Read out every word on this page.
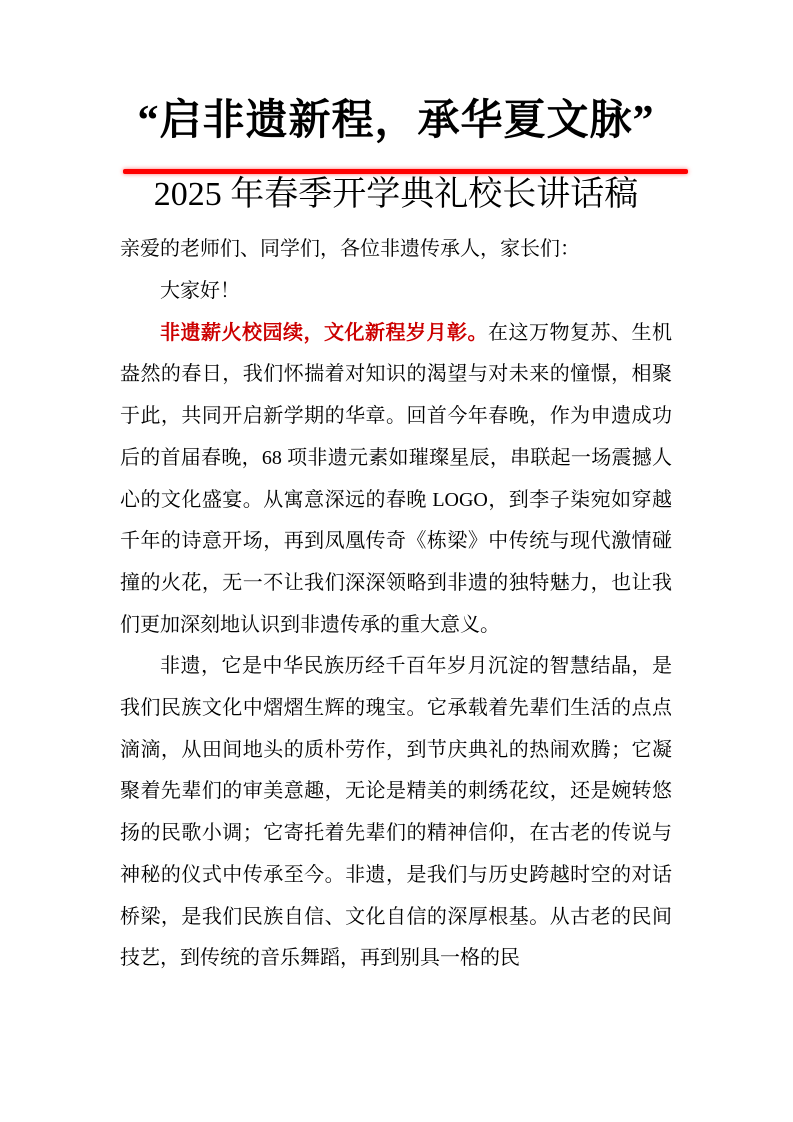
“启非遗新程，承华夏文脉”
2025 年春季开学典礼校长讲话稿

亲爱的老师们、同学们，各位非遗传承人，家长们：

大家好！

非遗薪火校园续，文化新程岁月彰。在这万物复苏、生机盎然的春日，我们怀揣着对知识的渴望与对未来的憧憬，相聚于此，共同开启新学期的华章。回首今年春晚，作为申遗成功后的首届春晚，68 项非遗元素如璀璨星辰，串联起一场震撼人心的文化盛宴。从寓意深远的春晚 LOGO，到李子柒宛如穿越千年的诗意开场，再到凤凰传奇《栋梁》中传统与现代激情碰撞的火花，无一不让我们深深领略到非遗的独特魅力，也让我们更加深刻地认识到非遗传承的重大意义。

非遗，它是中华民族历经千百年岁月沉淀的智慧结晶，是我们民族文化中熠熠生辉的瑰宝。它承载着先辈们生活的点点滴滴，从田间地头的质朴劳作，到节庆典礼的热闹欢腾；它凝聚着先辈们的审美意趣，无论是精美的刺绣花纹，还是婉转悠扬的民歌小调；它寄托着先辈们的精神信仰，在古老的传说与神秘的仪式中传承至今。非遗，是我们与历史跨越时空的对话桥梁，是我们民族自信、文化自信的深厚根基。从古老的民间技艺，到传统的音乐舞蹈，再到别具一格的民
